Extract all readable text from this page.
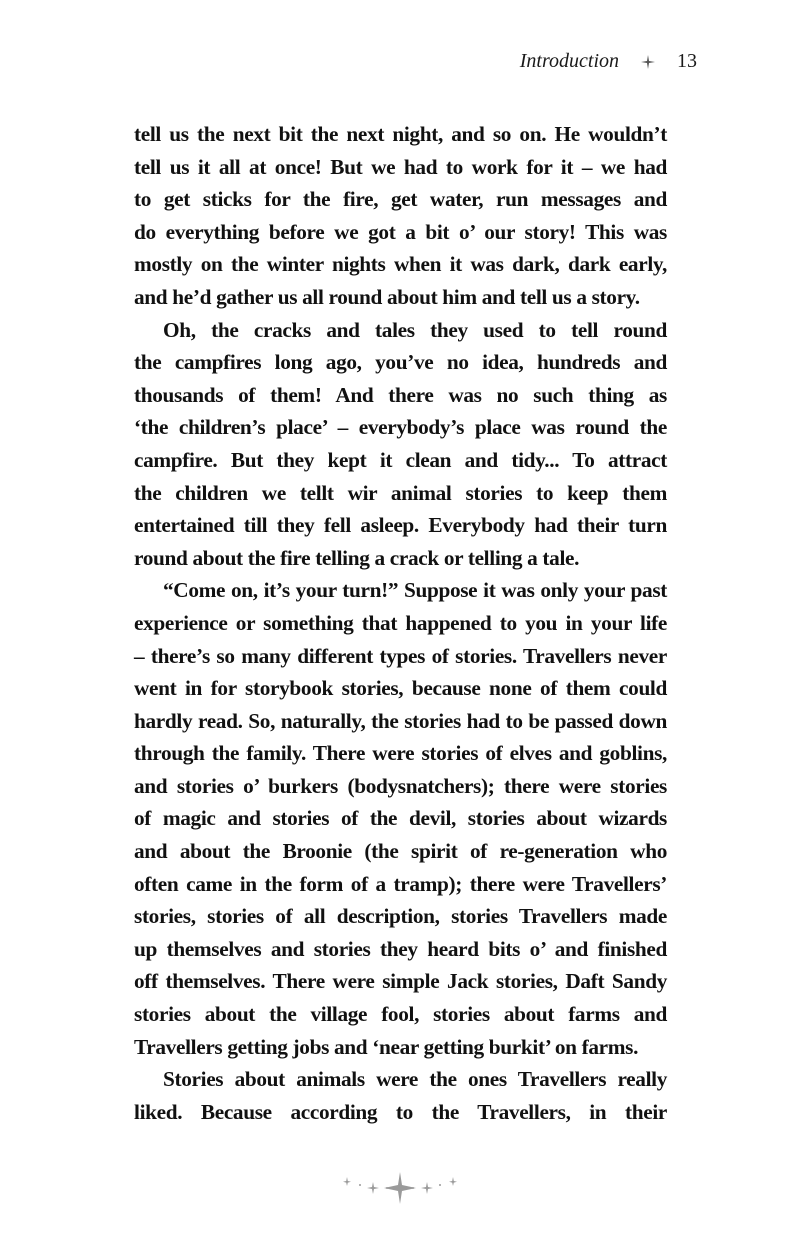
Introduction	13
tell us the next bit the next night, and so on. He wouldn’t
tell us it all at once! But we had to work for it – we had
to get sticks for the fire, get water, run messages and
do everything before we got a bit o’ our story! This was
mostly on the winter nights when it was dark, dark early,
and he’d gather us all round about him and tell us a story.
Oh, the cracks and tales they used to tell round
the campfires long ago, you’ve no idea, hundreds and
thousands of them! And there was no such thing as
‘the children’s place’ – everybody’s place was round the
campfire. But they kept it clean and tidy... To attract
the children we tellt wir animal stories to keep them
entertained till they fell asleep. Everybody had their turn
round about the fire telling a crack or telling a tale.
“Come on, it’s your turn!” Suppose it was only your past
experience or something that happened to you in your life
– there’s so many different types of stories. Travellers never
went in for storybook stories, because none of them could
hardly read. So, naturally, the stories had to be passed down
through the family. There were stories of elves and goblins,
and stories o’ burkers (bodysnatchers); there were stories
of magic and stories of the devil, stories about wizards
and about the Broonie (the spirit of re-generation who
often came in the form of a tramp); there were Travellers’
stories, stories of all description, stories Travellers made
up themselves and stories they heard bits o’ and finished
off themselves. There were simple Jack stories, Daft Sandy
stories about the village fool, stories about farms and
Travellers getting jobs and ‘near getting burkit’ on farms.
Stories about animals were the ones Travellers really
liked. Because according to the Travellers, in their
